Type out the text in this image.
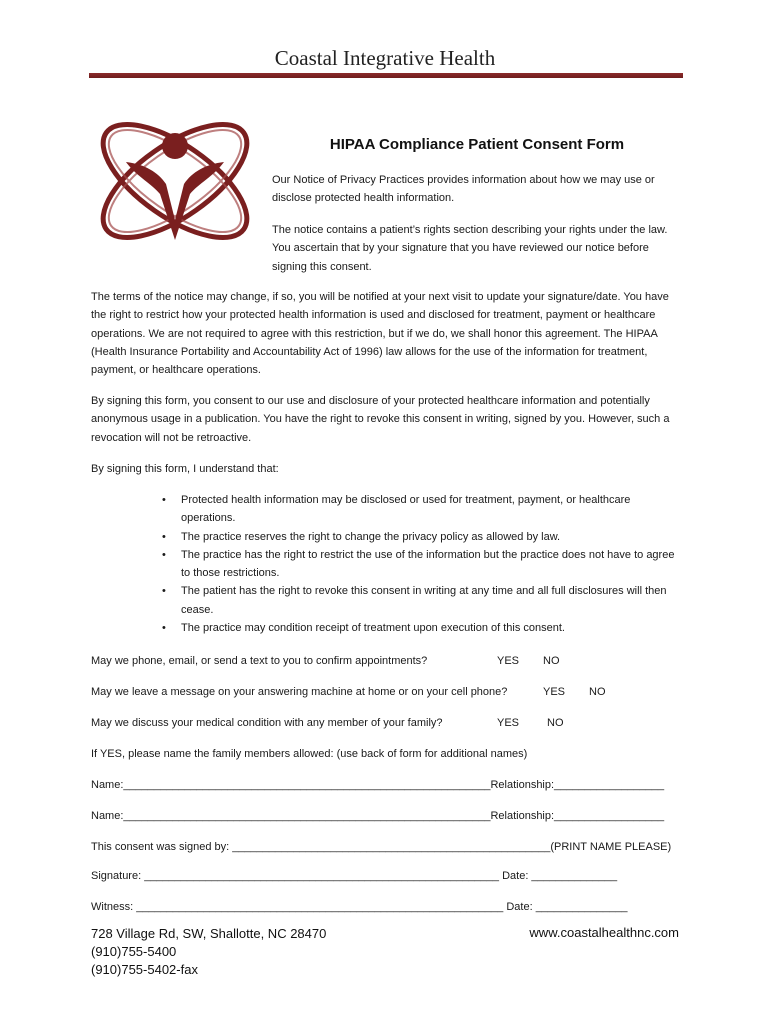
Coastal Integrative Health
HIPAA Compliance Patient Consent Form
Our Notice of Privacy Practices provides information about how we may use or disclose protected health information.
The notice contains a patient’s rights section describing your rights under the law. You ascertain that by your signature that you have reviewed our notice before signing this consent.
The terms of the notice may change, if so, you will be notified at your next visit to update your signature/date. You have the right to restrict how your protected health information is used and disclosed for treatment, payment or healthcare operations. We are not required to agree with this restriction, but if we do, we shall honor this agreement. The HIPAA (Health Insurance Portability and Accountability Act of 1996) law allows for the use of the information for treatment, payment, or healthcare operations.
By signing this form, you consent to our use and disclosure of your protected healthcare information and potentially anonymous usage in a publication. You have the right to revoke this consent in writing, signed by you. However, such a revocation will not be retroactive.
By signing this form, I understand that:
• Protected health information may be disclosed or used for treatment, payment, or healthcare operations.
• The practice reserves the right to change the privacy policy as allowed by law.
• The practice has the right to restrict the use of the information but the practice does not have to agree to those restrictions.
• The patient has the right to revoke this consent in writing at any time and all full disclosures will then cease.
• The practice may condition receipt of treatment upon execution of this consent.
May we phone, email, or send a text to you to confirm appointments?	YES NO
May we leave a message on your answering machine at home or on your cell phone?	YES NO
May we discuss your medical condition with any member of your family?	YES	NO
If YES, please name the family members allowed: (use back of form for additional names)
Name:____________________________________________________________Relationship:__________________
Name:____________________________________________________________Relationship:__________________
This consent was signed by: ____________________________________________________(PRINT NAME PLEASE)
Signature: __________________________________________________________ Date: ______________
Witness: ____________________________________________________________ Date: _______________
728 Village Rd, SW, Shallotte, NC 28470
(910)755-5400
(910)755-5402-fax
www.coastalhealthnc.com
